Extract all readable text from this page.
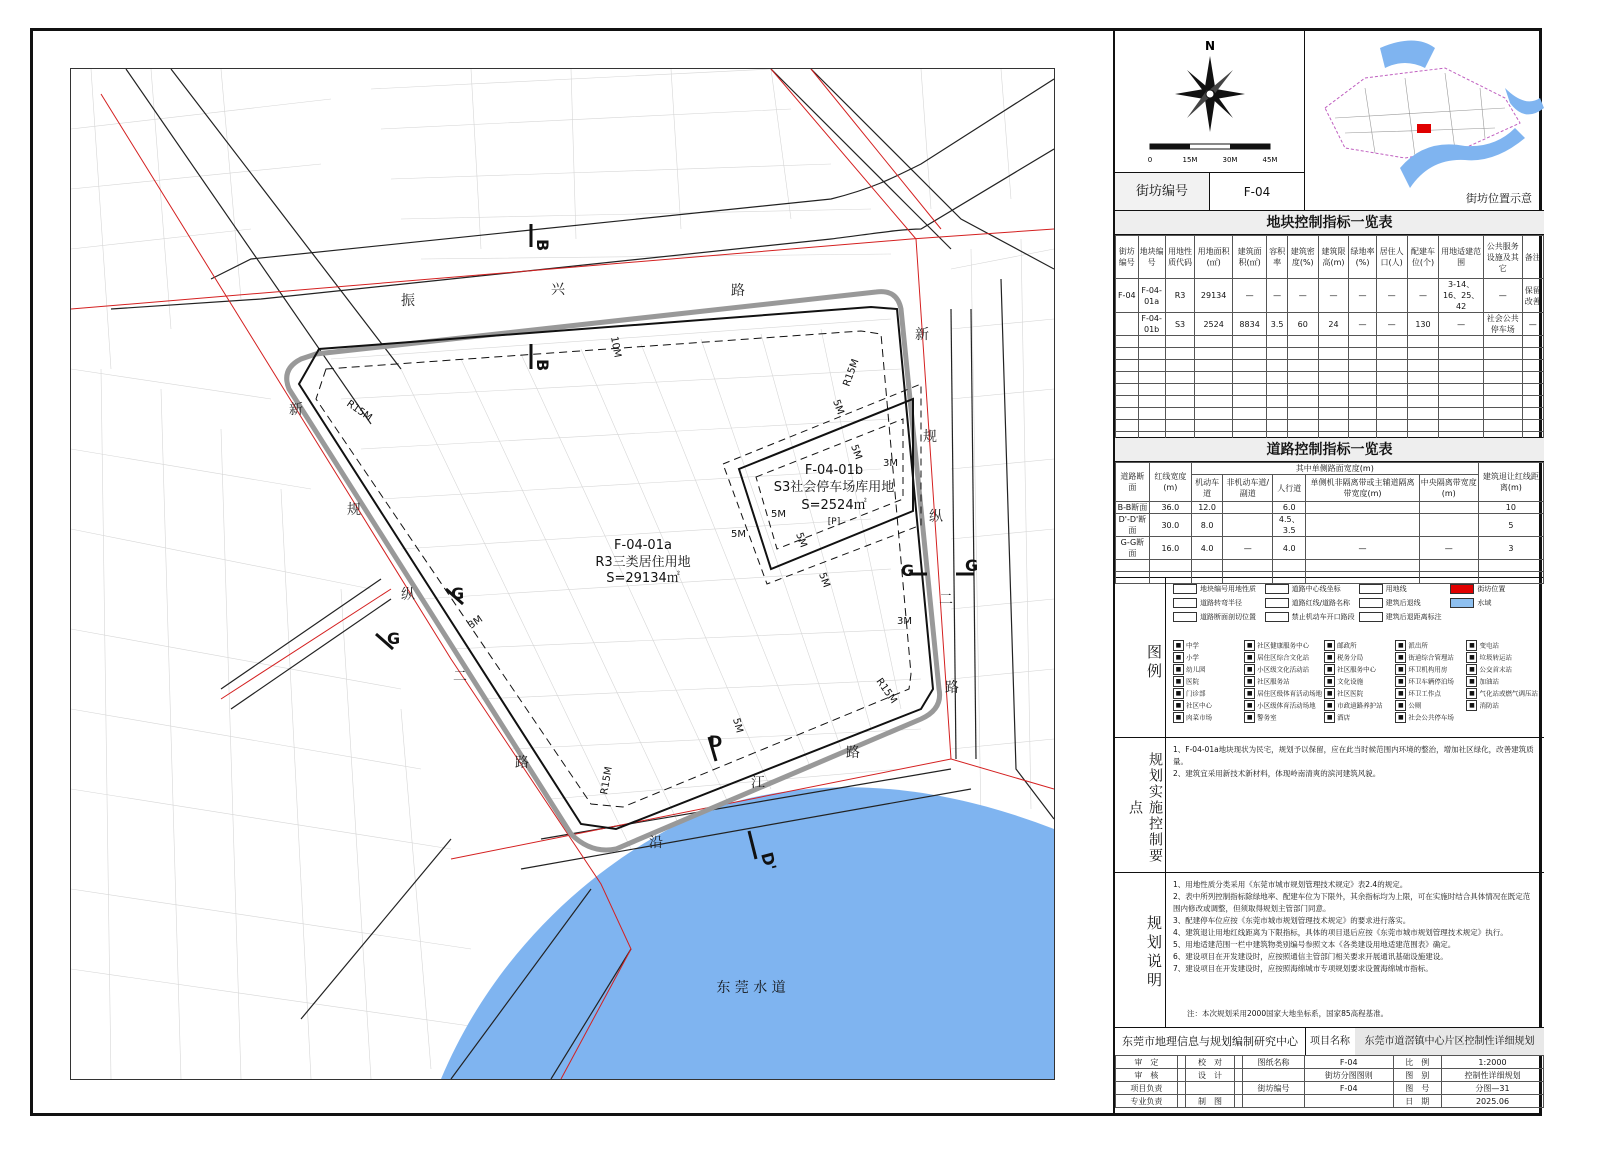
振
兴	路
新
规
纵
二
路
新
规
纵
二
路
沿
江
路
F-04-01a
R3三类居住用地
S=29134㎡
F-04-01b
S3社会停车场库用地
S=2524㎡
[P]
R15M
R15M
R15M
R15M
10M
5M
5M
5M
5M
5M
5M
5M
3M
3M
3M
B
B
G
G
G	G
D
D'
东 莞 水 道
N
0	15M	30M	45M
街坊位置示意
街坊编号	F-04
地块控制指标一览表
街坊编号	地块编号	用地性质代码	用地面积(㎡)	建筑面积(㎡)	容积率	建筑密度(%)	建筑限高(m)	绿地率(%)	居住人口(人)	配建车位(个)	用地适建范围	公共服务设施及其它	备注
F-04	F-04-01a	R3	29134	—	—	—	—	—	—	—	3-14、16、25、42	—	保留改善
	F-04-01b	S3	2524	8834	3.5	60	24	—	—	130	—	社会公共停车场	—

道路控制指标一览表
道路断面	红线宽度(m)	其中单侧路面宽度(m)					建筑退让红线距离(m)
		机动车道	非机动车道/副道	人行道	单侧机非隔离带或主辅道隔离带宽度(m)	中央隔离带宽度(m)	
B-B断面	36.0	12.0		6.0			10
D'-D'断面	30.0	8.0		4.5、3.5			5
G-G断面	16.0	4.0	—	4.0	—	—	3

图例
地块编号用地性质	道路中心线坐标	用地线	街坊位置
道路转弯半径	道路红线/道路名称	建筑后退线	水域
道路断面剖切位置	禁止机动车开口路段	建筑后退距离标注
■ 中学	■ 社区健康服务中心	■ 邮政所	■ 派出所	■ 变电站
■ 小学	■ 居住区综合文化站	■ 税务分局	■ 街道综合管理站	■ 垃圾转运站
■ 幼儿园	■ 小区级文化活动站	■ 社区服务中心	■ 环卫机构用房	■ 公交首末站
■ 医院	■ 社区服务站	■ 文化设施	■ 环卫车辆停泊场	■ 加油站
■ 门诊部	■ 居住区级体育活动场地 ■ 社区医院	■ 环卫工作点	■ 气化站或燃气调压站
■ 社区中心	■ 小区级体育活动场地	■ 市政道路养护站	■ 公厕	■ 消防站
■ 肉菜市场	■ 警务室	■ 酒店	■ 社会公共停车场
规划实施控制要点
1、F-04-01a地块现状为民宅，规划予以保留，应在此当时候范围内环境的整治，增加社区绿化，改善建筑质量。
2、建筑宜采用新技术新材料，体现岭南清爽的滨河建筑风貌。
规划说明
1、用地性质分类采用《东莞市城市规划管理技术规定》表2.4的规定。
2、表中所列控制指标除绿地率、配建车位为下限外，其余指标均为上限，可在实施时结合具体情况在既定范围内修改或调整，但须取得规划主管部门同意。
3、配建停车位应按《东莞市城市规划管理技术规定》的要求进行落实。
4、建筑退让用地红线距离为下限指标，具体的项目退后应按《东莞市城市规划管理技术规定》执行。
5、用地适建范围一栏中建筑物类别编号参照文本《各类建设用地适建范围表》确定。
6、建设项目在开发建设时，应按照通信主管部门相关要求开展通讯基础设施建设。
7、建设项目在开发建设时，应按照海绵城市专项规划要求设置海绵城市指标。
注：本次规划采用2000国家大地坐标系，国家85高程基准。
东莞市地理信息与规划编制研究中心	项目名称	东莞市道滘镇中心片区控制性详细规划
审　定		校　对		图纸名称	F-04	比　例	1:2000
审　核		设　计			街坊分图图则	图　别	控制性详细规划
项目负责				街坊编号	F-04	图　号	分图—31
专业负责		制　图				日　期	2025.06
